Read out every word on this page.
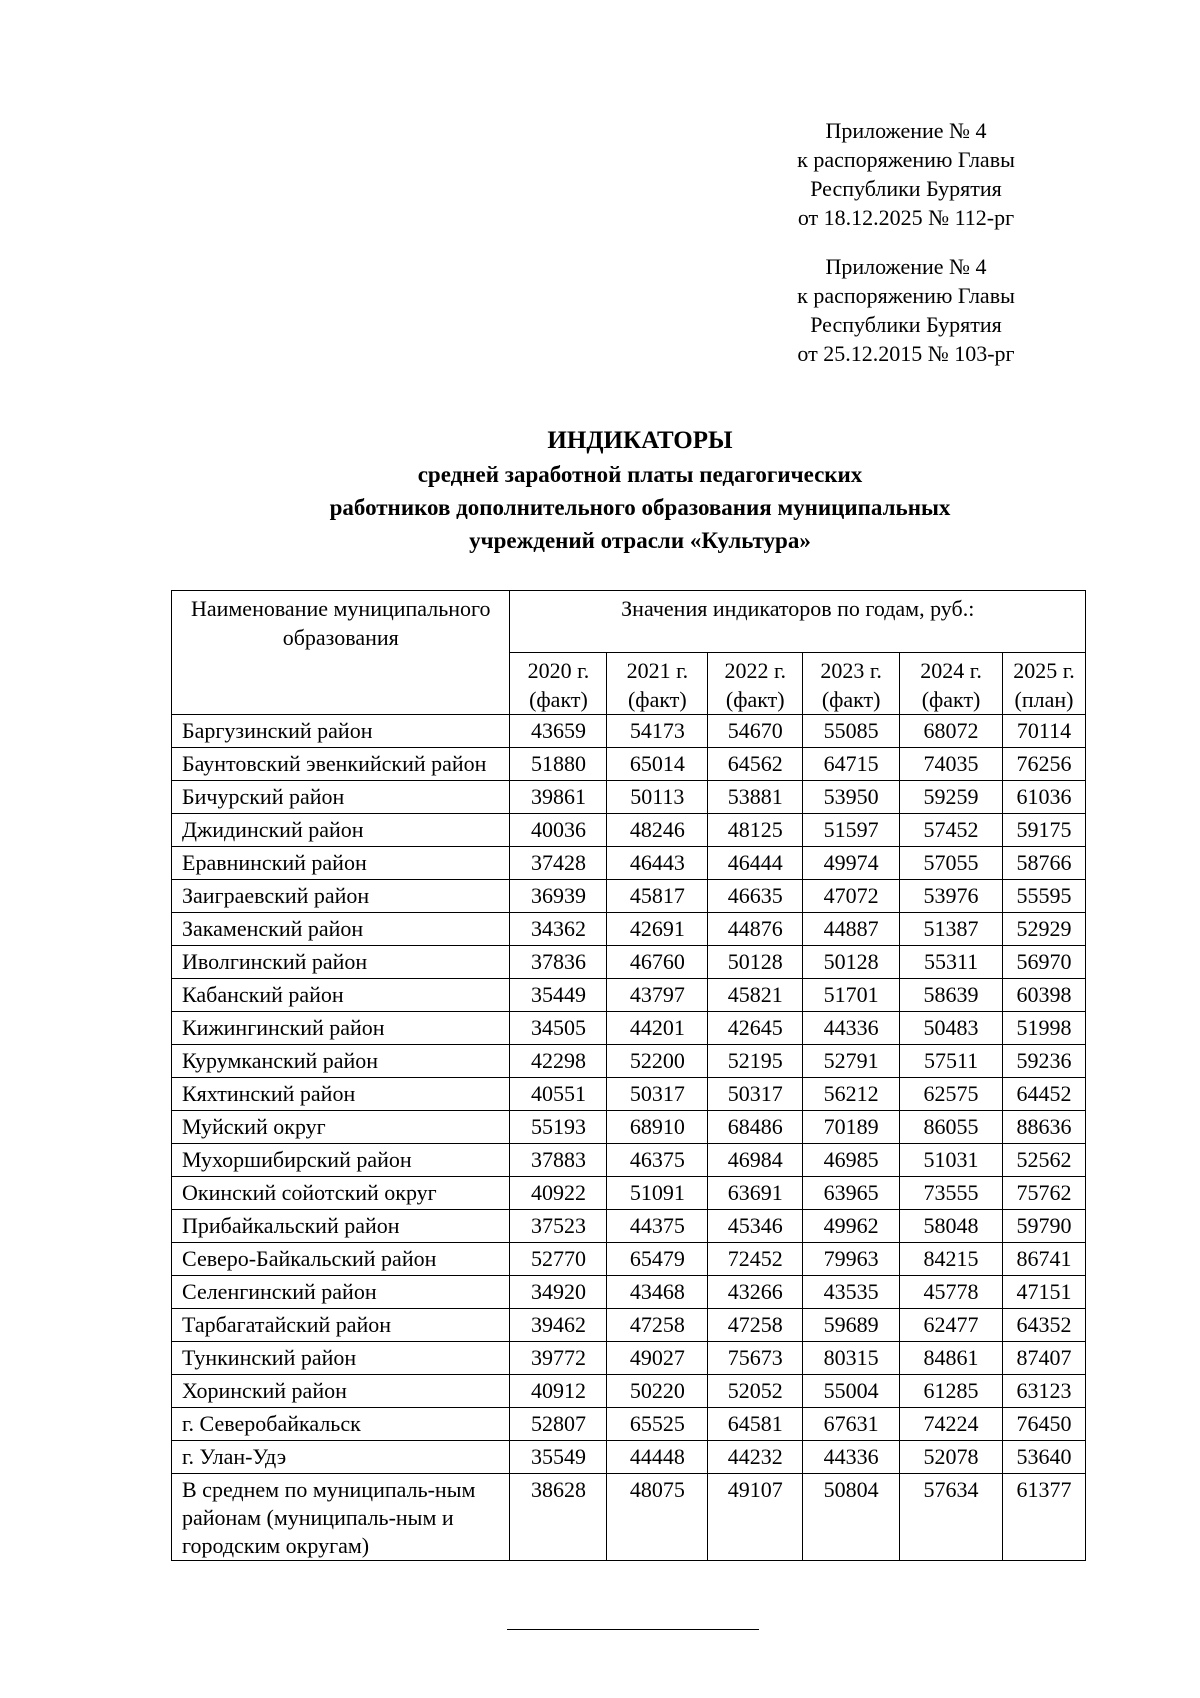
Приложение № 4
к распоряжению Главы
Республики Бурятия
от 18.12.2025 № 112-рг
Приложение № 4
к распоряжению Главы
Республики Бурятия
от 25.12.2015 № 103-рг
ИНДИКАТОРЫ
средней заработной платы педагогических
работников дополнительного образования муниципальных
учреждений отрасли «Культура»
Наименование муниципального образования	Значения индикаторов по годам, руб.:					
	2020 г. (факт)	2021 г. (факт)	2022 г. (факт)	2023 г. (факт)	2024 г. (факт)	2025 г. (план)
Баргузинский район	43659	54173	54670	55085	68072	70114
Баунтовский эвенкийский район	51880	65014	64562	64715	74035	76256
Бичурский район	39861	50113	53881	53950	59259	61036
Джидинский район	40036	48246	48125	51597	57452	59175
Еравнинский район	37428	46443	46444	49974	57055	58766
Заиграевский район	36939	45817	46635	47072	53976	55595
Закаменский район	34362	42691	44876	44887	51387	52929
Иволгинский район	37836	46760	50128	50128	55311	56970
Кабанский район	35449	43797	45821	51701	58639	60398
Кижингинский район	34505	44201	42645	44336	50483	51998
Курумканский район	42298	52200	52195	52791	57511	59236
Кяхтинский район	40551	50317	50317	56212	62575	64452
Муйский округ	55193	68910	68486	70189	86055	88636
Мухоршибирский район	37883	46375	46984	46985	51031	52562
Окинский сойотский округ	40922	51091	63691	63965	73555	75762
Прибайкальский район	37523	44375	45346	49962	58048	59790
Северо-Байкальский район	52770	65479	72452	79963	84215	86741
Селенгинский район	34920	43468	43266	43535	45778	47151
Тарбагатайский район	39462	47258	47258	59689	62477	64352
Тункинский район	39772	49027	75673	80315	84861	87407
Хоринский район	40912	50220	52052	55004	61285	63123
г. Северобайкальск	52807	65525	64581	67631	74224	76450
г. Улан-Удэ	35549	44448	44232	44336	52078	53640
В среднем по муниципаль-ным районам (муниципаль-ным и городским округам)	38628	48075	49107	50804	57634	61377
